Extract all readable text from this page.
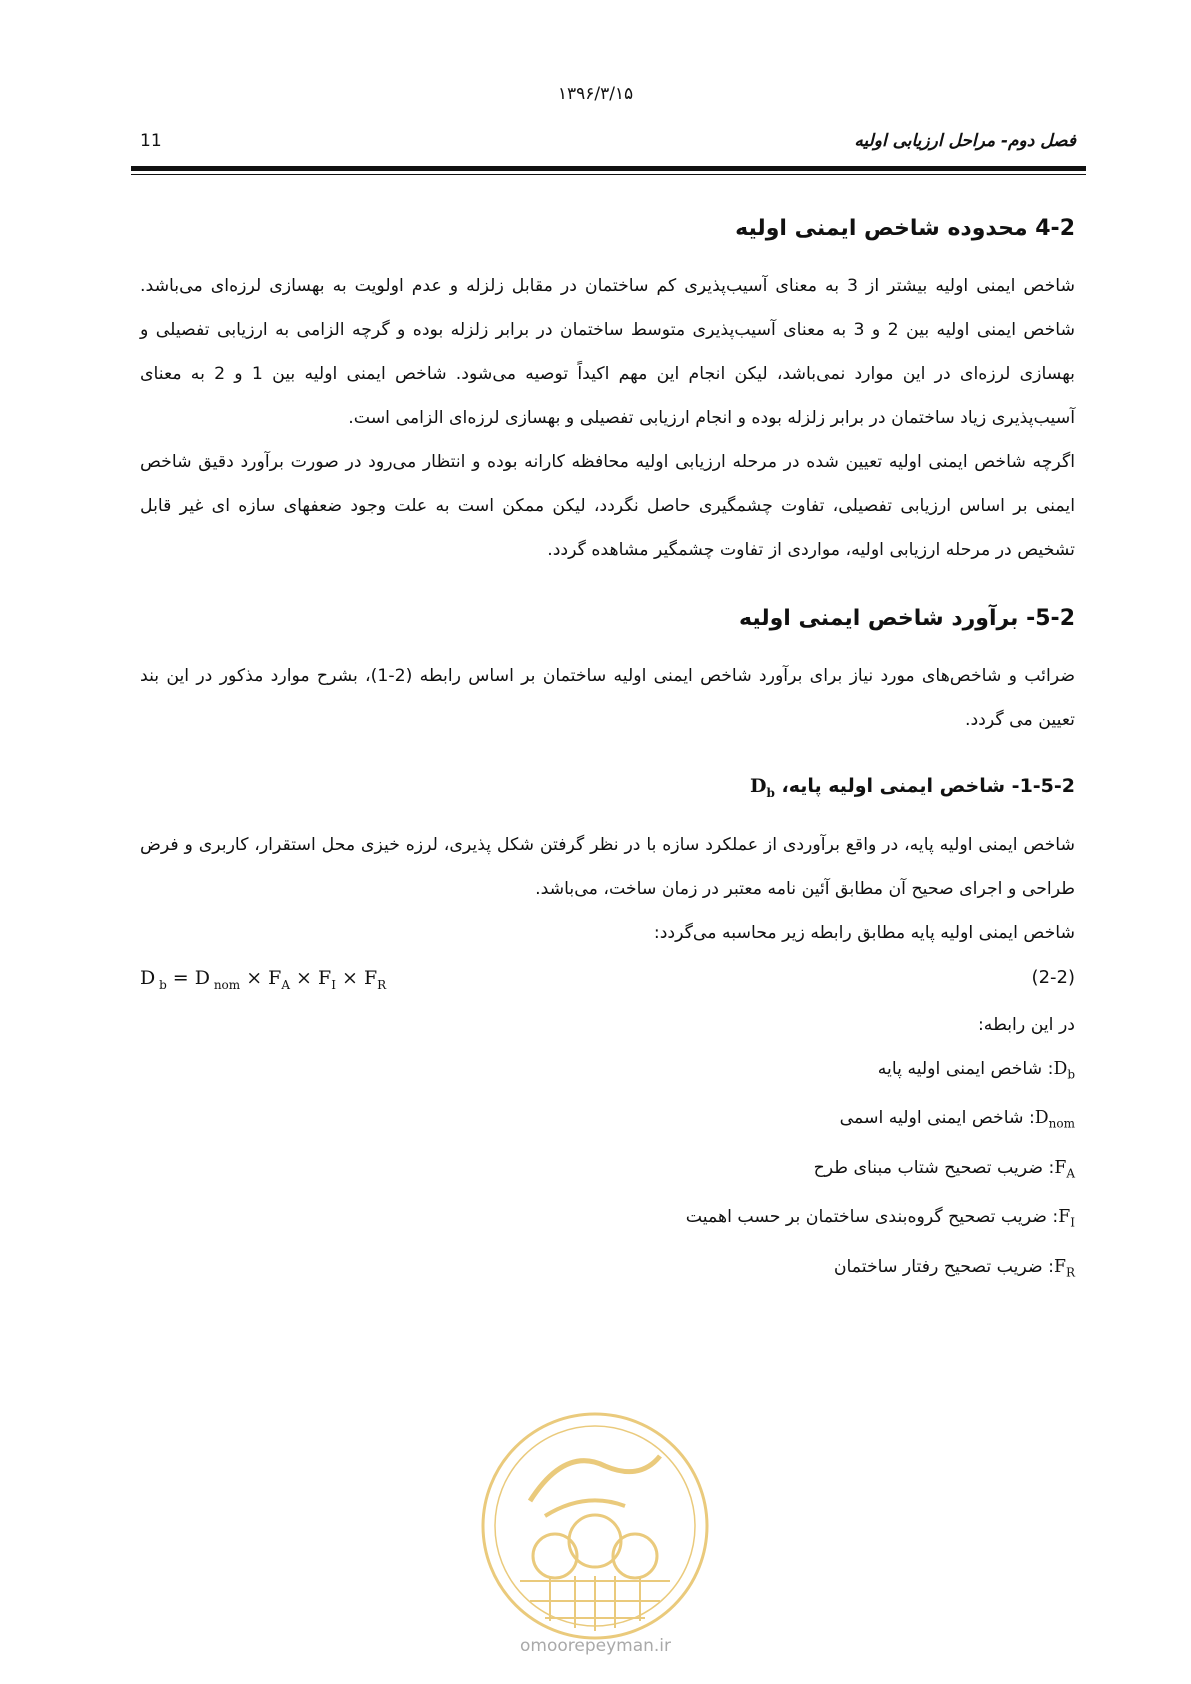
۱۳۹۶/۳/۱۵
11	فصل دوم- مراحل ارزیابی اولیه
4-2 محدوده شاخص ایمنی اولیه

شاخص ایمنی اولیه بیشتر از 3 به معنای آسیب‌پذیری کم ساختمان در مقابل زلزله و عدم اولویت به بهسازی لرزه‌ای می‌باشد. شاخص ایمنی اولیه بین 2 و 3 به معنای آسیب‌پذیری متوسط ساختمان در برابر زلزله بوده و گرچه الزامی به ارزیابی تفصیلی و بهسازی لرزه‌ای در این موارد نمی‌باشد، لیکن انجام این مهم اکیداً توصیه می‌شود. شاخص ایمنی اولیه بین 1 و 2 به معنای آسیب‌پذیری زیاد ساختمان در برابر زلزله بوده و انجام ارزیابی تفصیلی و بهسازی لرزه‌ای الزامی است.

اگرچه شاخص ایمنی اولیه تعیین شده در مرحله ارزیابی اولیه محافظه کارانه بوده و انتظار می‌رود در صورت برآورد دقیق شاخص ایمنی بر اساس ارزیابی تفصیلی، تفاوت چشمگیری حاصل نگردد، لیکن ممکن است به علت وجود ضعفهای سازه ای غیر قابل تشخیص در مرحله ارزیابی اولیه، مواردی از تفاوت چشمگیر مشاهده گردد.

5-2- برآورد شاخص ایمنی اولیه

ضرائب و شاخص‌های مورد نیاز برای برآورد شاخص ایمنی اولیه ساختمان بر اساس رابطه (2-1)، بشرح موارد مذکور در این بند تعیین می گردد.

1-5-2- شاخص ایمنی اولیه پایه، $D_b$

شاخص ایمنی اولیه پایه، در واقع برآوردی از عملکرد سازه با در نظر گرفتن شکل پذیری، لرزه خیزی محل استقرار، کاربری و فرض طراحی و اجرای صحیح آن مطابق آئین نامه معتبر در زمان ساخت، می‌باشد.

شاخص ایمنی اولیه پایه مطابق رابطه زیر محاسبه می‌گردد:

D $_b$ = D $_{nom} \times F_A \times F_I \times F_R$	(2-2)
در این رابطه:
$D_b$: شاخص ایمنی اولیه پایه
$D_{nom}$: شاخص ایمنی اولیه اسمی
$F_A$: ضریب تصحیح شتاب مبنای طرح
$F_I$: ضریب تصحیح گروه‌بندی ساختمان بر حسب اهمیت
$F_R$: ضریب تصحیح رفتار ساختمان
omoorepeyman.ir
